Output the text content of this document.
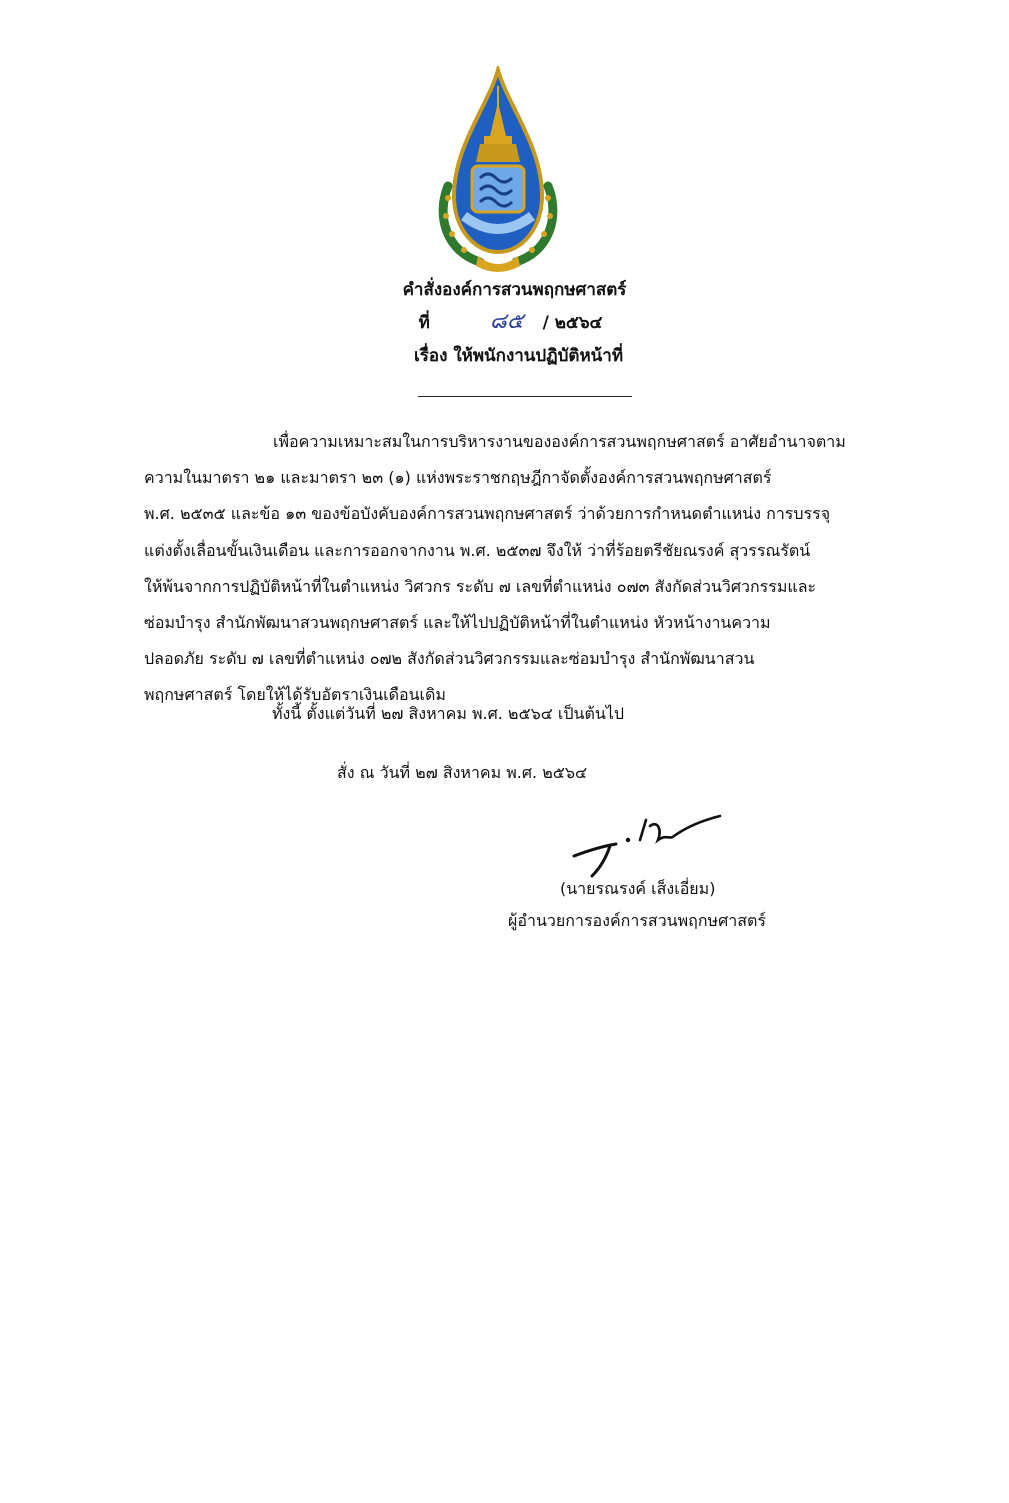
คำสั่งองค์การสวนพฤกษศาสตร์
ที่	๘๕ / ๒๕๖๔
เรื่อง ให้พนักงานปฏิบัติหน้าที่
เพื่อความเหมาะสมในการบริหารงานขององค์การสวนพฤกษศาสตร์ อาศัยอำนาจตาม
ความในมาตรา ๒๑ และมาตรา ๒๓ (๑) แห่งพระราชกฤษฎีกาจัดตั้งองค์การสวนพฤกษศาสตร์
พ.ศ. ๒๕๓๕ และข้อ ๑๓ ของข้อบังคับองค์การสวนพฤกษศาสตร์ ว่าด้วยการกำหนดตำแหน่ง การบรรจุ
แต่งตั้งเลื่อนขั้นเงินเดือน และการออกจากงาน พ.ศ. ๒๕๓๗ จึงให้ ว่าที่ร้อยตรีชัยณรงค์ สุวรรณรัตน์
ให้พ้นจากการปฏิบัติหน้าที่ในตำแหน่ง วิศวกร ระดับ ๗ เลขที่ตำแหน่ง ๐๗๓ สังกัดส่วนวิศวกรรมและ
ซ่อมบำรุง สำนักพัฒนาสวนพฤกษศาสตร์ และให้ไปปฏิบัติหน้าที่ในตำแหน่ง หัวหน้างานความ
ปลอดภัย ระดับ ๗ เลขที่ตำแหน่ง ๐๗๒ สังกัดส่วนวิศวกรรมและซ่อมบำรุง สำนักพัฒนาสวน
พฤกษศาสตร์ โดยให้ได้รับอัตราเงินเดือนเดิม
ทั้งนี้ ตั้งแต่วันที่ ๒๗ สิงหาคม พ.ศ. ๒๕๖๔ เป็นต้นไป
สั่ง ณ วันที่ ๒๗ สิงหาคม พ.ศ. ๒๕๖๔
(นายรณรงค์ เส็งเอี่ยม)
ผู้อำนวยการองค์การสวนพฤกษศาสตร์
